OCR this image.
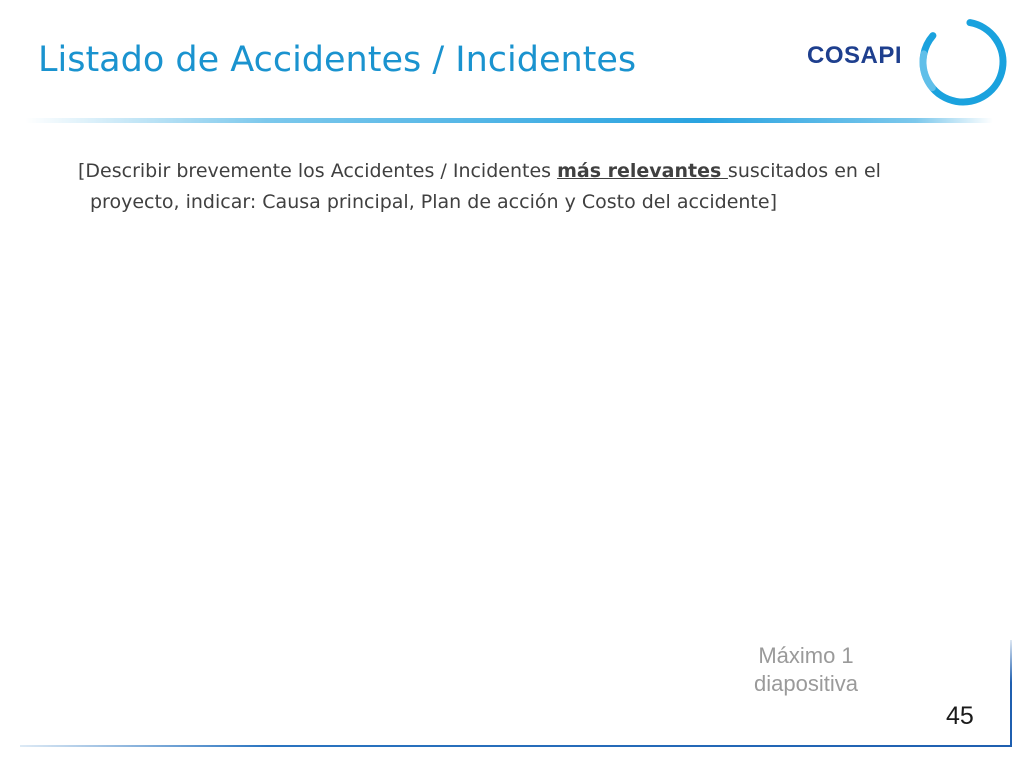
Listado de Accidentes / Incidentes	COSAPI

[Describir brevemente los Accidentes / Incidentes más relevantes suscitados en el
proyecto, indicar: Causa principal, Plan de acción y Costo del accidente]

Máximo 1
diapositiva
45
